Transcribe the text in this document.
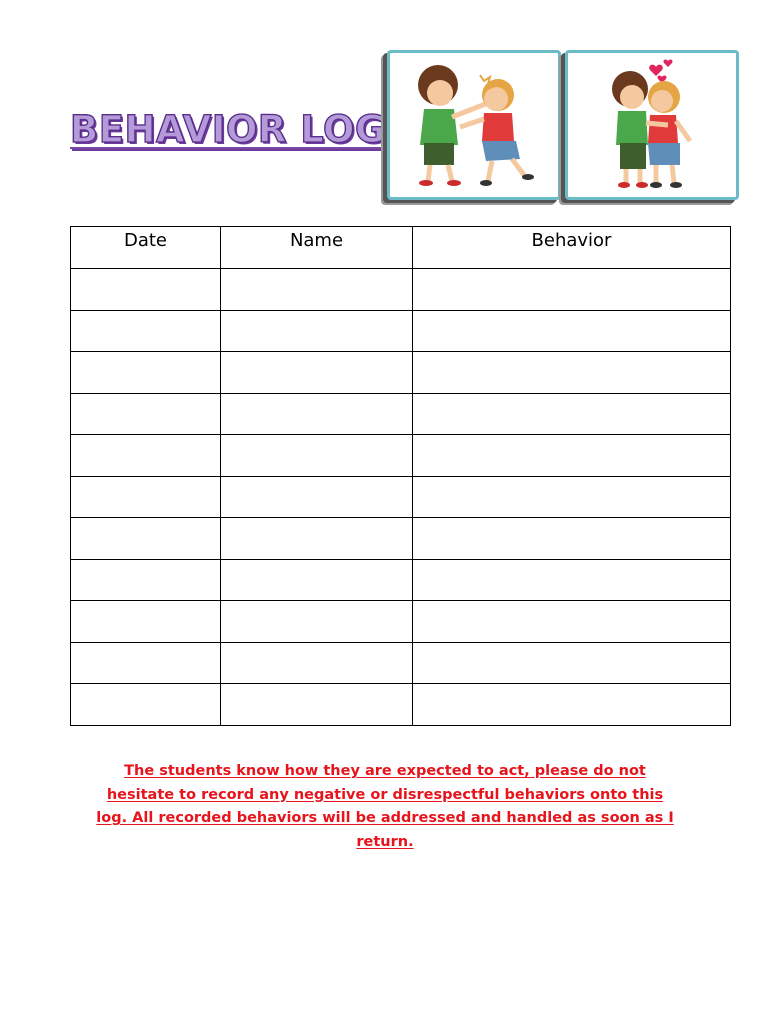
BEHAVIOR LOG
Date	Name	Behavior

The students know how they are expected to act, please do not hesitate to record any negative or disrespectful behaviors onto this log. All recorded behaviors will be addressed and handled as soon as I return.
